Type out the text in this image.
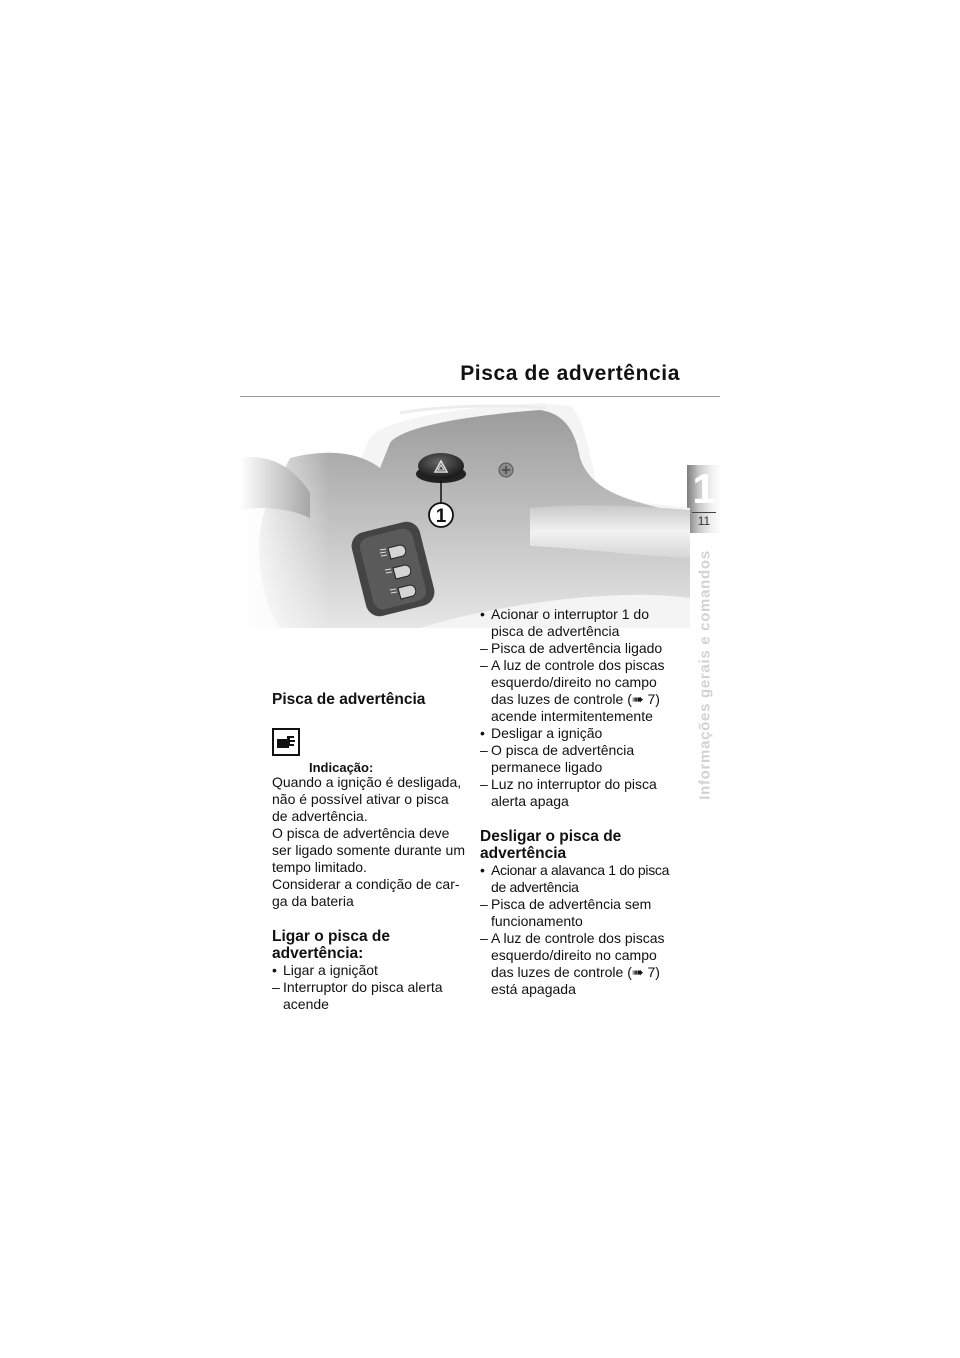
Pisca de advertência
1
11
Informações gerais e comandos
Pisca de advertência
Indicação:

Quando a ignição é desligada, não é possível ativar o pisca de advertência.

O pisca de advertência deve ser ligado somente durante um tempo limitado.

Considerar a condição de car-ga da bateria

Ligar o pisca de advertência:
• Ligar a igniçãot
– Interruptor do pisca alerta acende
• Acionar o interruptor 1 do pisca de advertência
– Pisca de advertência ligado
– A luz de controle dos piscas esquerdo/direito no campo das luzes de controle (➠ 7) acende intermitentemente
• Desligar a ignição
– O pisca de advertência permanece ligado
– Luz no interruptor do pisca alerta apaga
Desligar o pisca de advertência
• Acionar a alavanca 1 do pisca de advertência
– Pisca de advertência sem funcionamento
– A luz de controle dos piscas esquerdo/direito no campo das luzes de controle (➠ 7) está apagada
